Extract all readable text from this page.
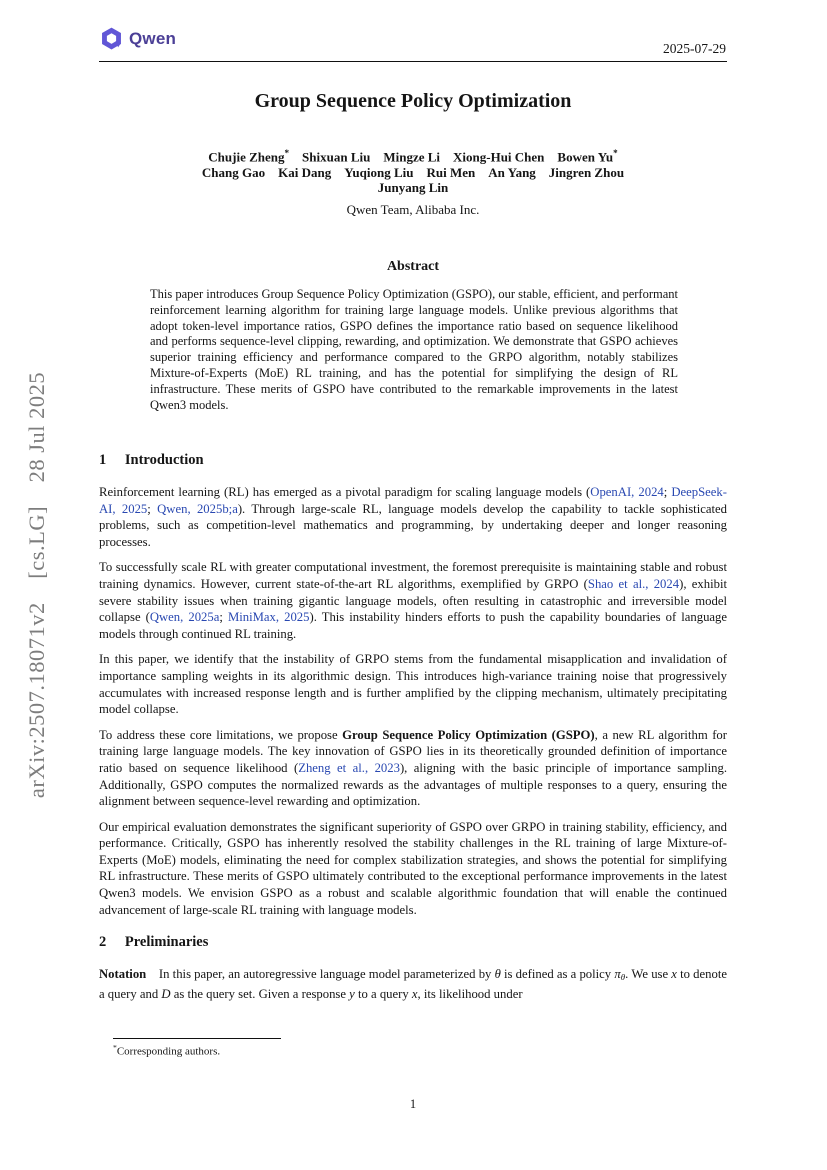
arXiv:2507.18071v2  [cs.LG]  28 Jul 2025
Qwen
2025-07-29
Group Sequence Policy Optimization
Chujie Zheng*  Shixuan Liu  Mingze Li  Xiong-Hui Chen  Bowen Yu*
Chang Gao  Kai Dang  Yuqiong Liu  Rui Men  An Yang  Jingren Zhou
Junyang Lin
Qwen Team, Alibaba Inc.
Abstract

This paper introduces Group Sequence Policy Optimization (GSPO), our stable, efficient, and performant reinforcement learning algorithm for training large language models. Unlike previous algorithms that adopt token-level importance ratios, GSPO defines the importance ratio based on sequence likelihood and performs sequence-level clipping, rewarding, and optimization. We demonstrate that GSPO achieves superior training efficiency and performance compared to the GRPO algorithm, notably stabilizes Mixture-of-Experts (MoE) RL training, and has the potential for simplifying the design of RL infrastructure. These merits of GSPO have contributed to the remarkable improvements in the latest Qwen3 models.

1 Introduction

Reinforcement learning (RL) has emerged as a pivotal paradigm for scaling language models (OpenAI, 2024; DeepSeek-AI, 2025; Qwen, 2025b;a). Through large-scale RL, language models develop the capability to tackle sophisticated problems, such as competition-level mathematics and programming, by undertaking deeper and longer reasoning processes.

To successfully scale RL with greater computational investment, the foremost prerequisite is maintaining stable and robust training dynamics. However, current state-of-the-art RL algorithms, exemplified by GRPO (Shao et al., 2024), exhibit severe stability issues when training gigantic language models, often resulting in catastrophic and irreversible model collapse (Qwen, 2025a; MiniMax, 2025). This instability hinders efforts to push the capability boundaries of language models through continued RL training.

In this paper, we identify that the instability of GRPO stems from the fundamental misapplication and invalidation of importance sampling weights in its algorithmic design. This introduces high-variance training noise that progressively accumulates with increased response length and is further amplified by the clipping mechanism, ultimately precipitating model collapse.

To address these core limitations, we propose Group Sequence Policy Optimization (GSPO), a new RL algorithm for training large language models. The key innovation of GSPO lies in its theoretically grounded definition of importance ratio based on sequence likelihood (Zheng et al., 2023), aligning with the basic principle of importance sampling. Additionally, GSPO computes the normalized rewards as the advantages of multiple responses to a query, ensuring the alignment between sequence-level rewarding and optimization.

Our empirical evaluation demonstrates the significant superiority of GSPO over GRPO in training stability, efficiency, and performance. Critically, GSPO has inherently resolved the stability challenges in the RL training of large Mixture-of-Experts (MoE) models, eliminating the need for complex stabilization strategies, and shows the potential for simplifying RL infrastructure. These merits of GSPO ultimately contributed to the exceptional performance improvements in the latest Qwen3 models. We envision GSPO as a robust and scalable algorithmic foundation that will enable the continued advancement of large-scale RL training with language models.

2 Preliminaries

Notation  In this paper, an autoregressive language model parameterized by θ is defined as a policy πθ. We use x to denote a query and D as the query set. Given a response y to a query x, its likelihood under

*Corresponding authors.
1
